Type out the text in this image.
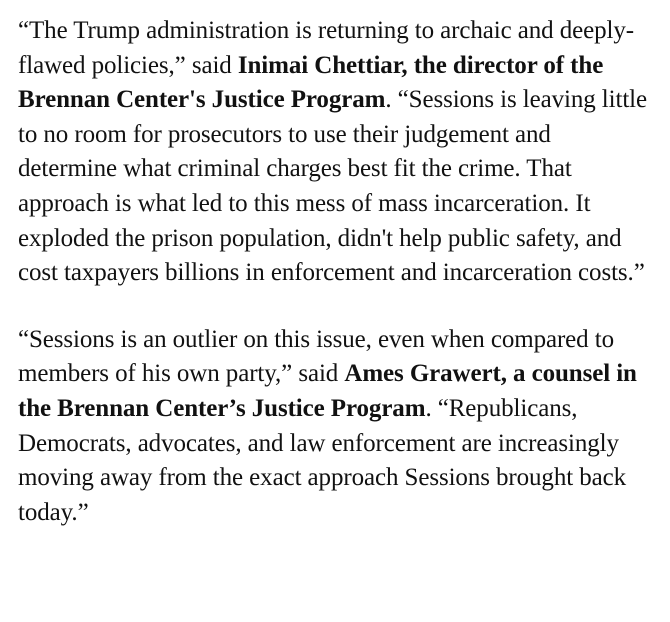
“The Trump administration is returning to archaic and deeply-flawed policies,” said Inimai Chettiar, the director of the Brennan Center's Justice Program. “Sessions is leaving little to no room for prosecutors to use their judgement and determine what criminal charges best fit the crime. That approach is what led to this mess of mass incarceration. It exploded the prison population, didn't help public safety, and cost taxpayers billions in enforcement and incarceration costs.”

“Sessions is an outlier on this issue, even when compared to members of his own party,” said Ames Grawert, a counsel in the Brennan Center’s Justice Program. “Republicans, Democrats, advocates, and law enforcement are increasingly moving away from the exact approach Sessions brought back today.”
